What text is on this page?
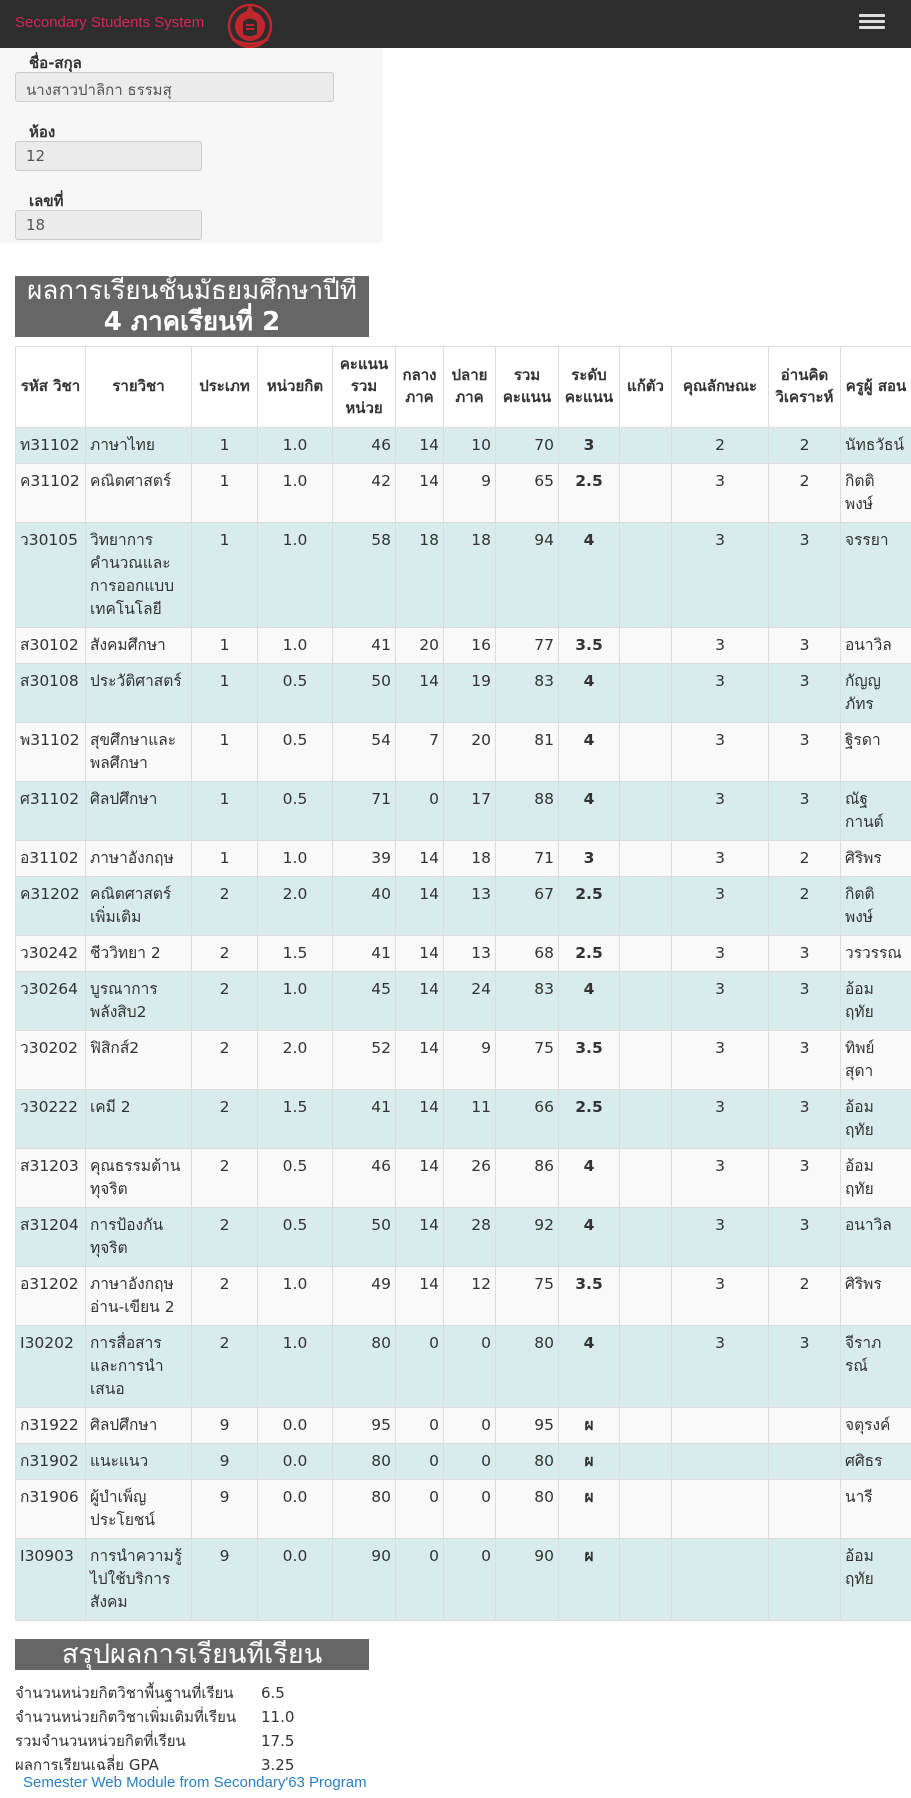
Secondary Students System
ชื่อ-สกุล
นางสาวปาลิกา ธรรมสุ
ห้อง
12
เลขที่
18
ผลการเรียนชั้นมัธยมศึกษาปีที่
4 ภาคเรียนที่ 2
รหัส วิชา	รายวิชา	ประเภท	หน่วยกิต	คะแนน รวม หน่วย	กลาง ภาค	ปลาย ภาค	รวม คะแนน	ระดับ คะแนน	แก้ตัว	คุณลักษณะ	อ่านคิด วิเคราะห์	ครูผู้ สอน
ท31102	ภาษาไทย	1	1.0	46	14	10	70	3		2	2	นัทธวัธน์
ค31102	คณิตศาสตร์	1	1.0	42	14	9	65	2.5		3	2	กิตติ พงษ์
ว30105	วิทยาการ คำนวณและ การออกแบบ เทคโนโลยี	1	1.0	58	18	18	94	4		3	3	จรรยา
ส30102	สังคมศึกษา	1	1.0	41	20	16	77	3.5		3	3	อนาวิล
ส30108	ประวัติศาสตร์	1	0.5	50	14	19	83	4		3	3	กัญญ ภัทร
พ31102	สุขศึกษาและ พลศึกษา	1	0.5	54	7	20	81	4		3	3	ฐิรดา
ศ31102	ศิลปศึกษา	1	0.5	71	0	17	88	4		3	3	ณัฐ กานต์
อ31102	ภาษาอังกฤษ	1	1.0	39	14	18	71	3		3	2	ศิริพร
ค31202	คณิตศาสตร์ เพิ่มเติม	2	2.0	40	14	13	67	2.5		3	2	กิตติ พงษ์
ว30242	ชีววิทยา 2	2	1.5	41	14	13	68	2.5		3	3	วรวรรณ
ว30264	บูรณาการ พลังสิบ2	2	1.0	45	14	24	83	4		3	3	อ้อม ฤทัย
ว30202	ฟิสิกส์2	2	2.0	52	14	9	75	3.5		3	3	ทิพย์ สุดา
ว30222	เคมี 2	2	1.5	41	14	11	66	2.5		3	3	อ้อม ฤทัย
ส31203	คุณธรรมต้าน ทุจริต	2	0.5	46	14	26	86	4		3	3	อ้อม ฤทัย
ส31204	การป้องกัน ทุจริต	2	0.5	50	14	28	92	4		3	3	อนาวิล
อ31202	ภาษาอังกฤษ อ่าน-เขียน 2	2	1.0	49	14	12	75	3.5		3	2	ศิริพร
I30202	การสื่อสาร และการนำ เสนอ	2	1.0	80	0	0	80	4		3	3	จีราภ รณ์
ก31922	ศิลปศึกษา	9	0.0	95	0	0	95	ผ				จตุรงค์
ก31902	แนะแนว	9	0.0	80	0	0	80	ผ				ศศิธร
ก31906	ผู้บำเพ็ญ ประโยชน์	9	0.0	80	0	0	80	ผ				นารี
I30903	การนำความรู้ ไปใช้บริการ สังคม	9	0.0	90	0	0	90	ผ				อ้อม ฤทัย
สรุปผลการเรียนที่เรียน
จำนวนหน่วยกิตวิชาพื้นฐานที่เรียน	6.5
จำนวนหน่วยกิตวิชาเพิ่มเติมที่เรียน	11.0
รวมจำนวนหน่วยกิตที่เรียน	17.5
ผลการเรียนเฉลี่ย GPA	3.25
Semester Web Module from Secondary'63 Program
